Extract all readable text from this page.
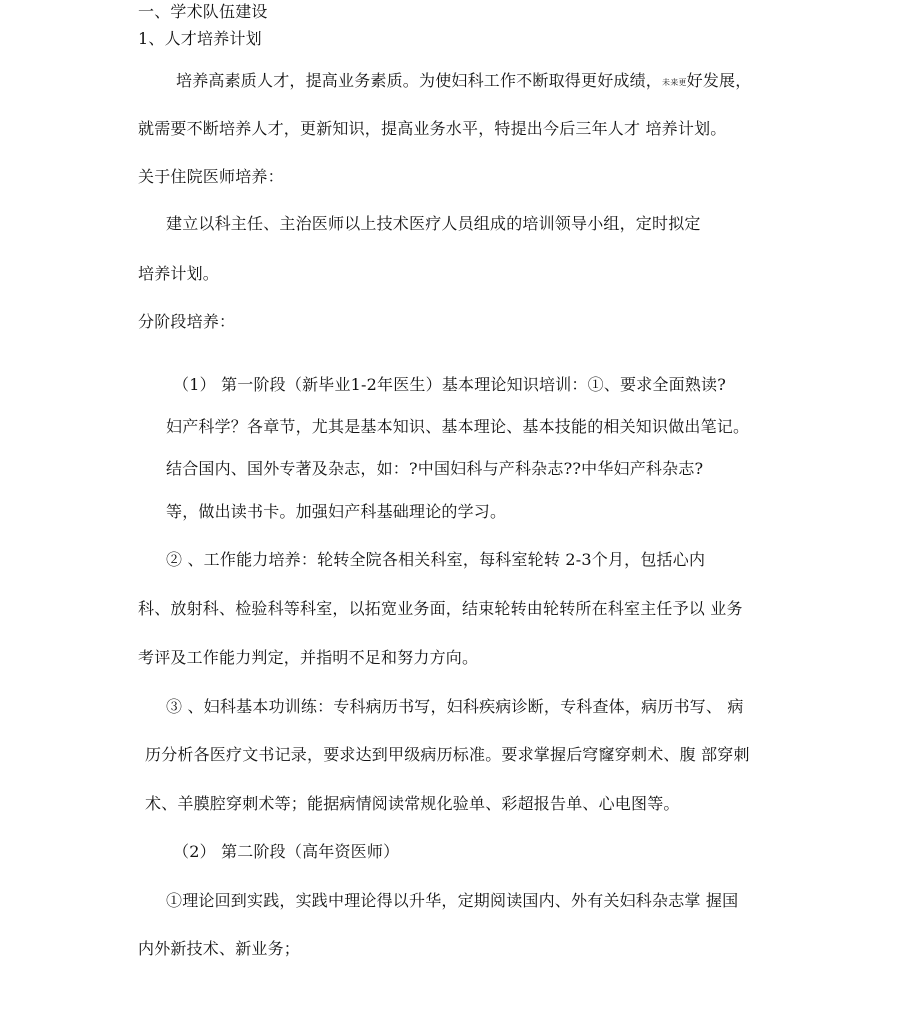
一、学术队伍建设
1、人才培养计划
培养高素质人才，提高业务素质。为使妇科工作不断取得更好成绩，未来更好发展，
就需要不断培养人才，更新知识，提高业务水平，特提出今后三年人才 培养计划。
关于住院医师培养：
建立以科主任、主治医师以上技术医疗人员组成的培训领导小组，定时拟定
培养计划。
分阶段培养：
（1） 第一阶段（新毕业1-2年医生）基本理论知识培训：①、要求全面熟读?
妇产科学？各章节，尤其是基本知识、基本理论、基本技能的相关知识做出笔记。
结合国内、国外专著及杂志，如：?中国妇科与产科杂志??中华妇产科杂志?
等，做出读书卡。加强妇产科基础理论的学习。
② 、工作能力培养：轮转全院各相关科室，每科室轮转 2-3个月，包括心内
科、放射科、检验科等科室，以拓宽业务面，结束轮转由轮转所在科室主任予以 业务
考评及工作能力判定，并指明不足和努力方向。
③ 、妇科基本功训练：专科病历书写，妇科疾病诊断，专科查体，病历书写、 病
历分析各医疗文书记录，要求达到甲级病历标准。要求掌握后穹窿穿刺术、腹 部穿刺
术、羊膜腔穿刺术等；能据病情阅读常规化验单、彩超报告单、心电图等。
（2） 第二阶段（高年资医师）
①理论回到实践，实践中理论得以升华，定期阅读国内、外有关妇科杂志掌 握国
内外新技术、新业务；
